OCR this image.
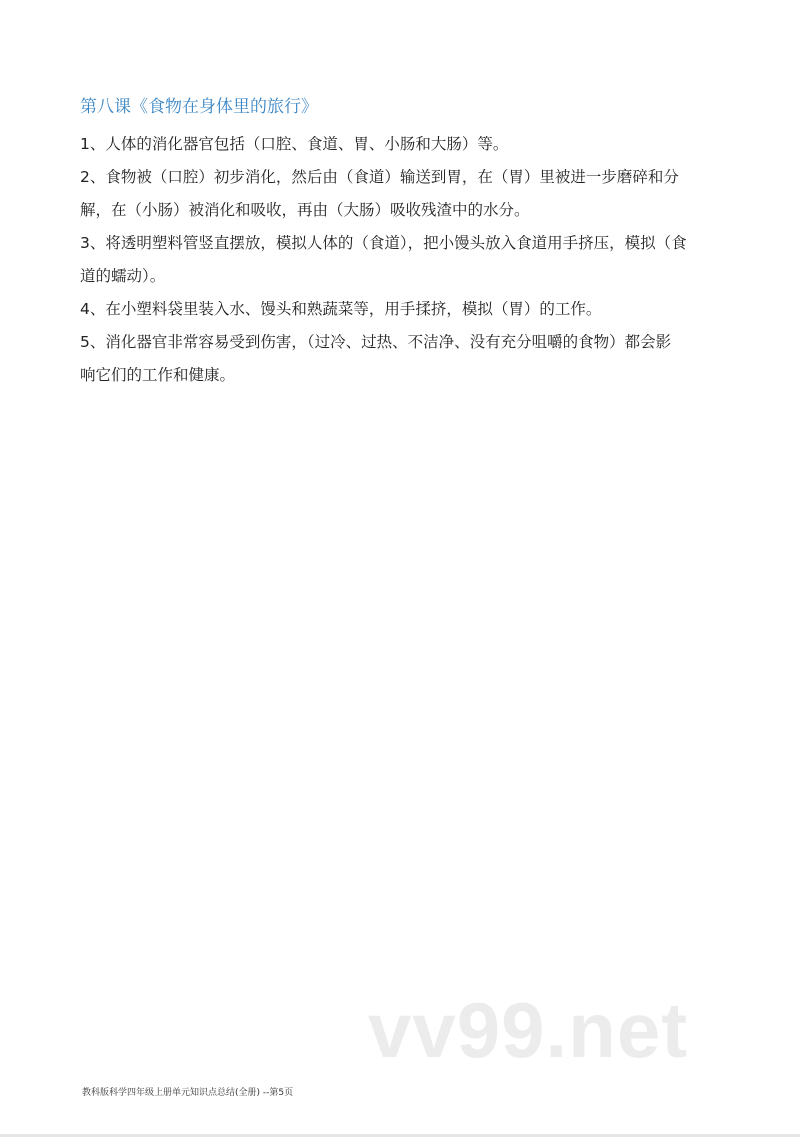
第八课《食物在身体里的旅行》
1、人体的消化器官包括（口腔、食道、胃、小肠和大肠）等。
2、食物被（口腔）初步消化，然后由（食道）输送到胃，在（胃）里被进一步磨碎和分
解，在（小肠）被消化和吸收，再由（大肠）吸收残渣中的水分。
3、将透明塑料管竖直摆放，模拟人体的（食道），把小馒头放入食道用手挤压，模拟（食
道的蠕动）。
4、在小塑料袋里装入水、馒头和熟蔬菜等，用手揉挤，模拟（胃）的工作。
5、消化器官非常容易受到伤害，（过冷、过热、不洁净、没有充分咀嚼的食物）都会影
响它们的工作和健康。
vv99.net
教科版科学四年级上册单元知识点总结(全册) --第5页
